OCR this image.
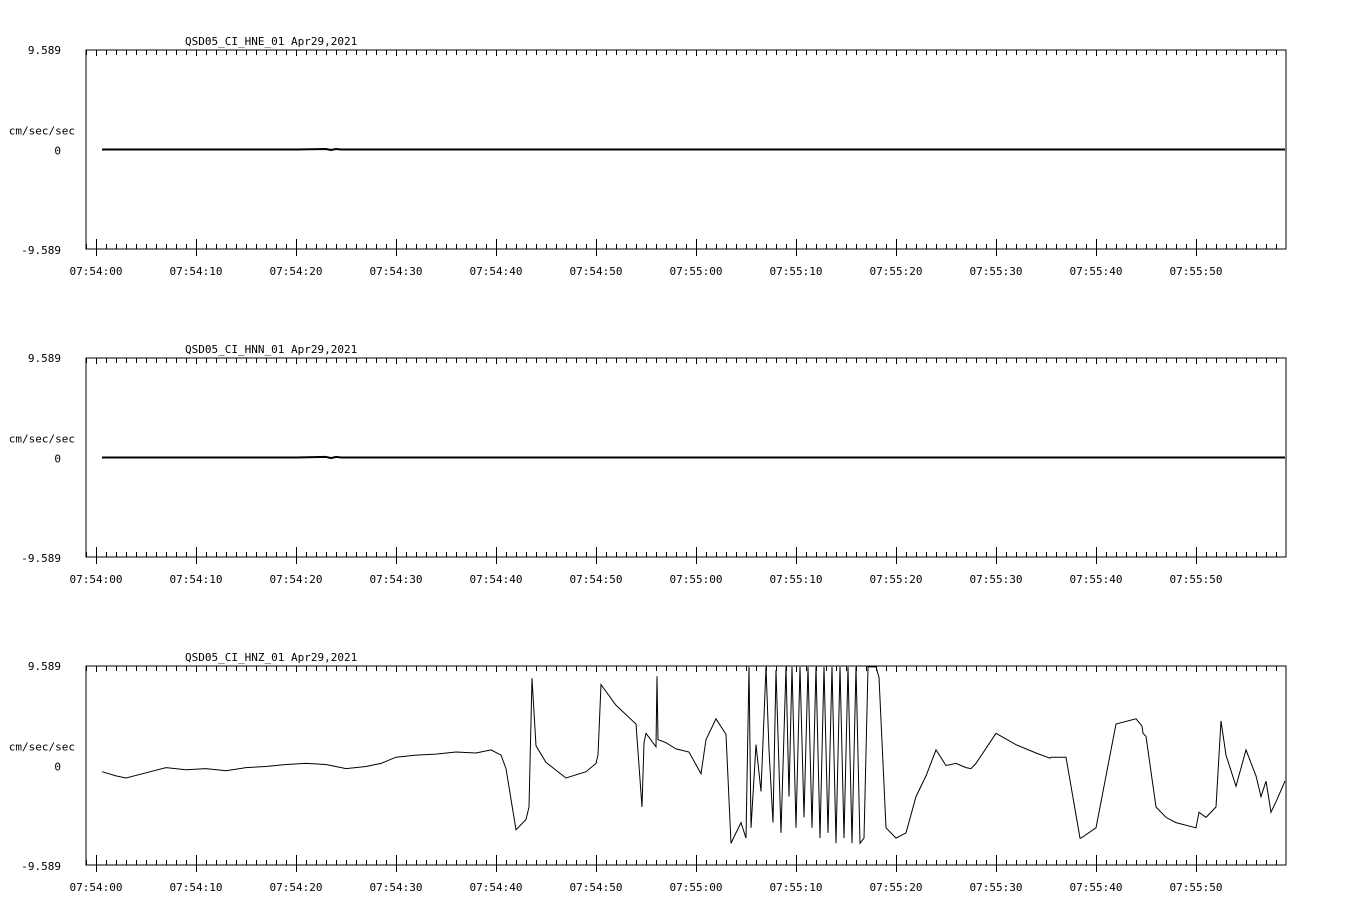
QSD05_CI_HNE_01 Apr29,2021
9.589
0
-9.589
cm/sec/sec
07:54:00	07:54:10	07:54:20	07:54:30	07:54:40	07:54:50	07:55:00	07:55:10	07:55:20	07:55:30	07:55:40	07:55:50
QSD05_CI_HNN_01 Apr29,2021
9.589
0
-9.589
cm/sec/sec
07:54:00	07:54:10	07:54:20	07:54:30	07:54:40	07:54:50	07:55:00	07:55:10	07:55:20	07:55:30	07:55:40	07:55:50
QSD05_CI_HNZ_01 Apr29,2021
9.589
0
-9.589
cm/sec/sec
07:54:00	07:54:10	07:54:20	07:54:30	07:54:40	07:54:50	07:55:00	07:55:10	07:55:20	07:55:30	07:55:40	07:55:50
